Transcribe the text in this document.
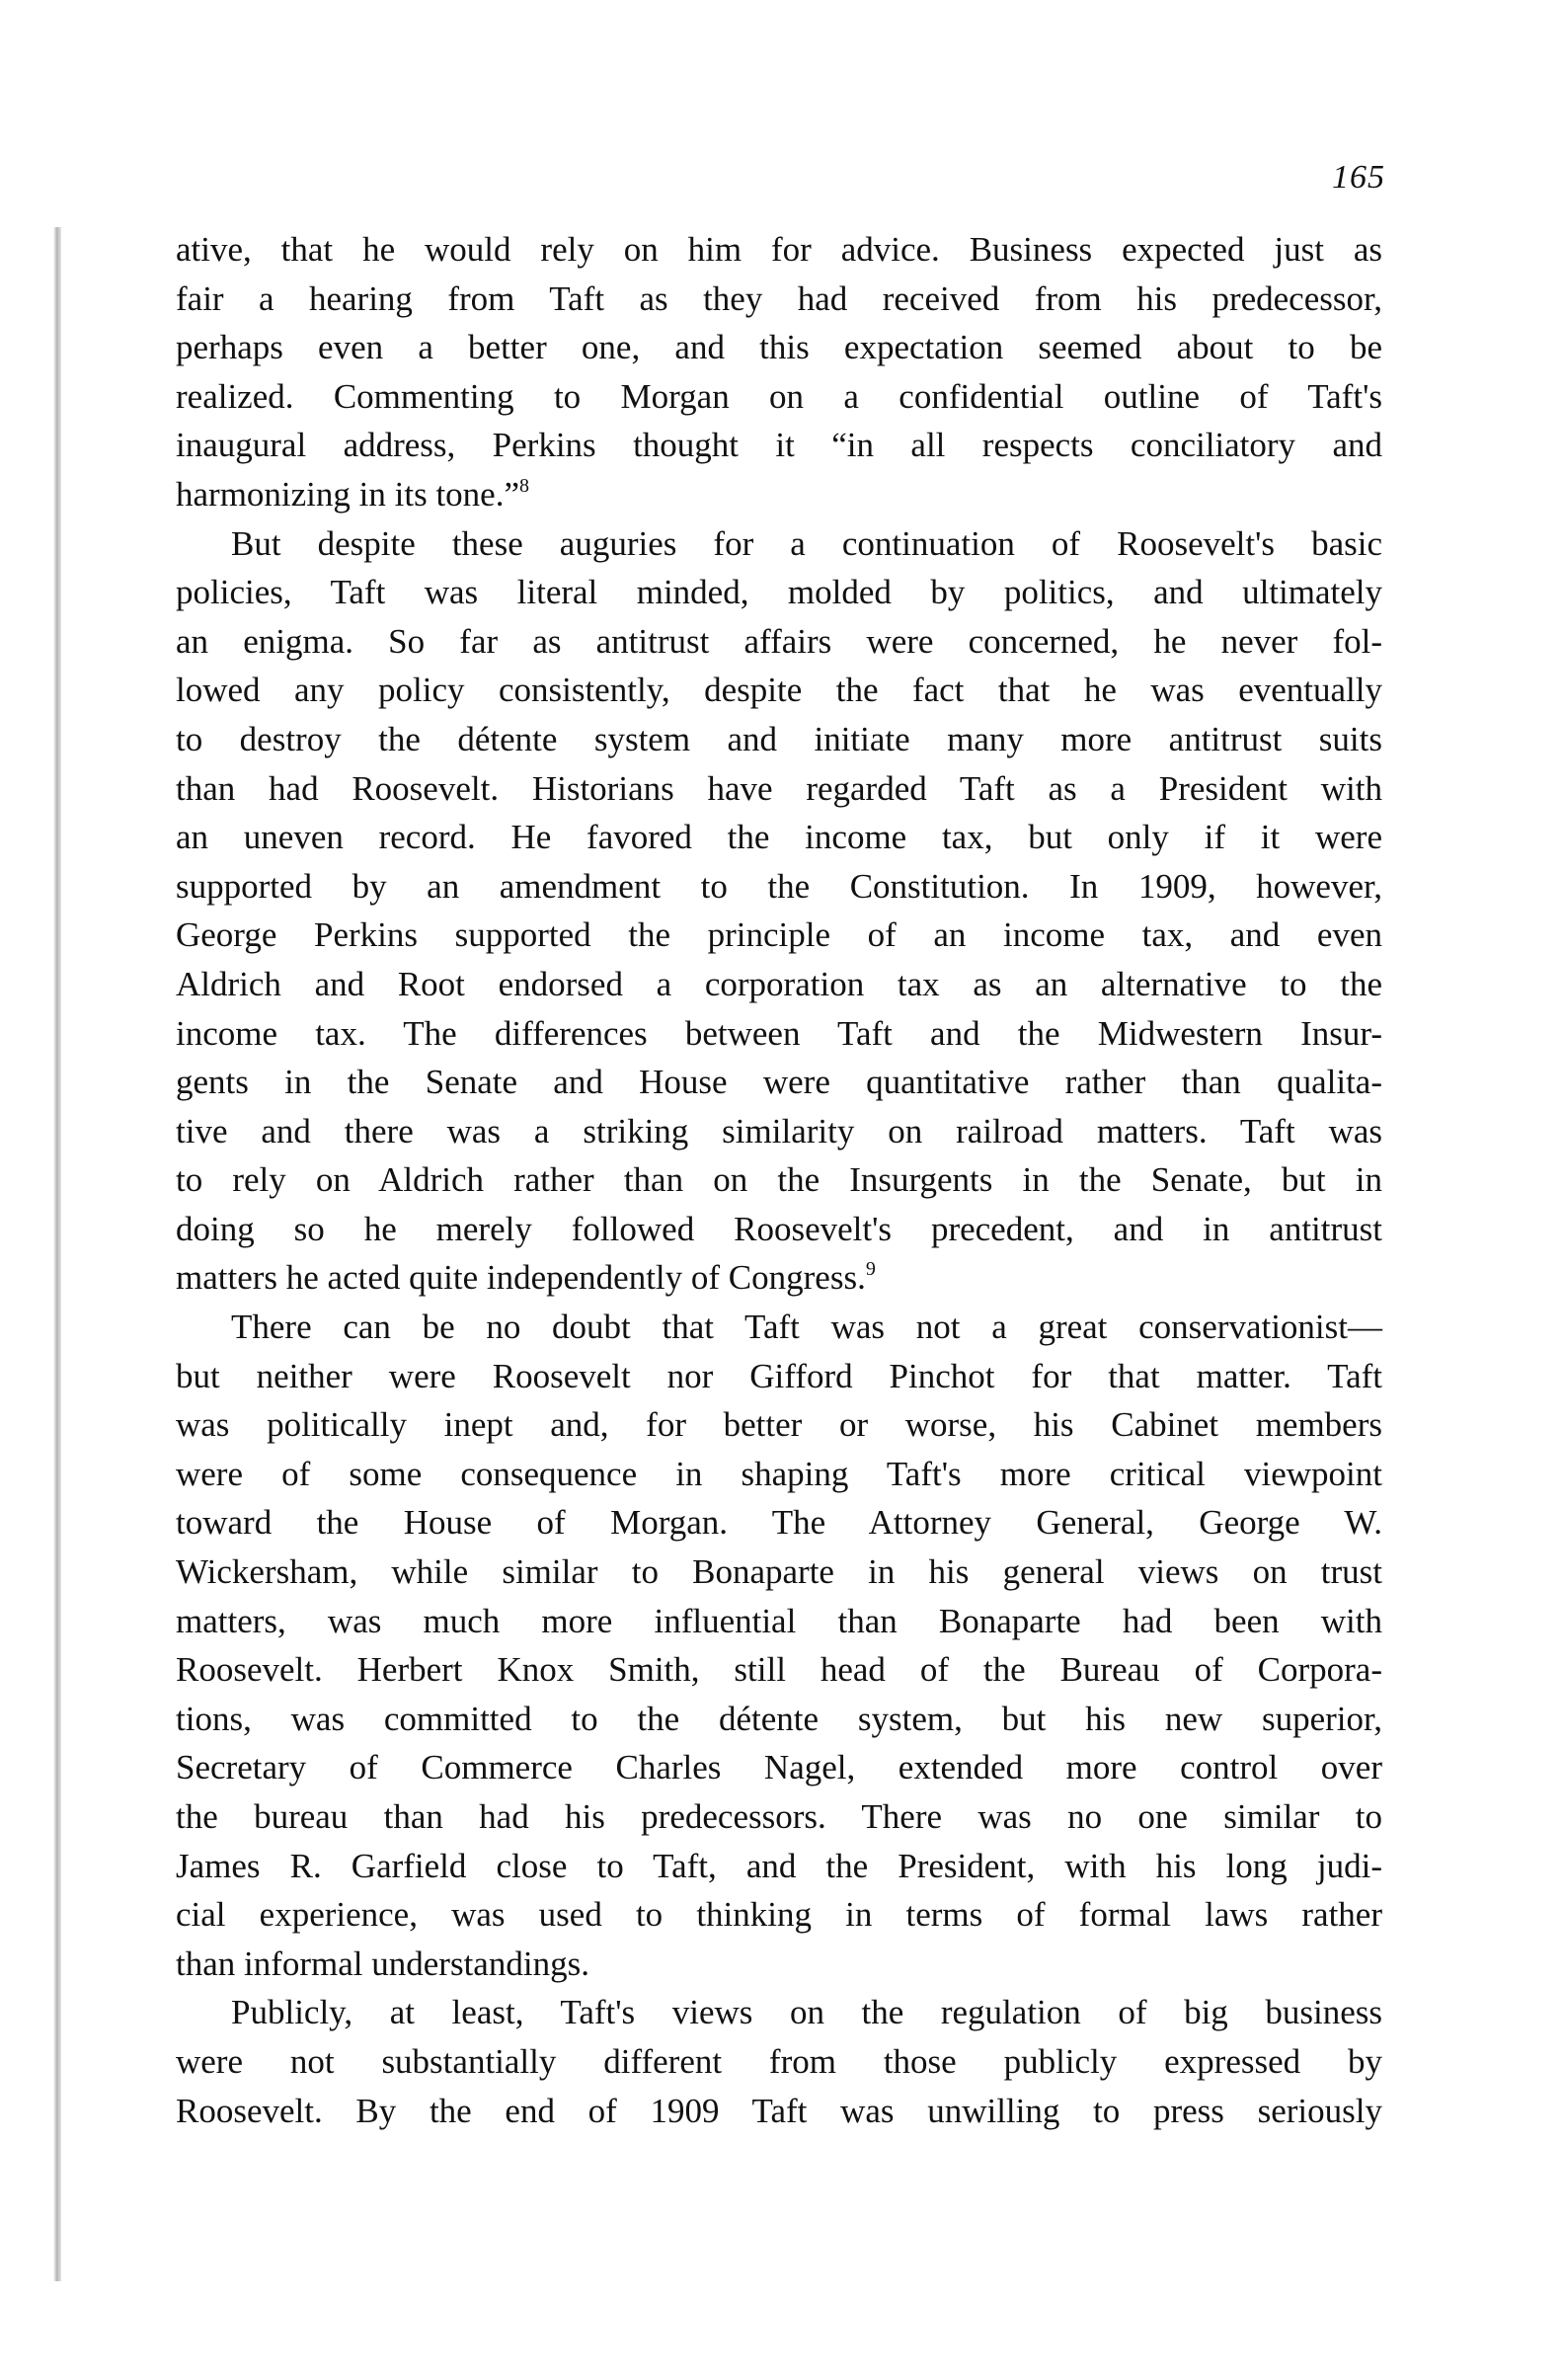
165
ative, that he would rely on him for advice. Business expected just as
fair a hearing from Taft as they had received from his predecessor,
perhaps even a better one, and this expectation seemed about to be
realized. Commenting to Morgan on a confidential outline of Taft's
inaugural address, Perkins thought it “in all respects conciliatory and
harmonizing in its tone.”$^8$
But despite these auguries for a continuation of Roosevelt's basic
policies, Taft was literal minded, molded by politics, and ultimately
an enigma. So far as antitrust affairs were concerned, he never fol-
lowed any policy consistently, despite the fact that he was eventually
to destroy the détente system and initiate many more antitrust suits
than had Roosevelt. Historians have regarded Taft as a President with
an uneven record. He favored the income tax, but only if it were
supported by an amendment to the Constitution. In 1909, however,
George Perkins supported the principle of an income tax, and even
Aldrich and Root endorsed a corporation tax as an alternative to the
income tax. The differences between Taft and the Midwestern Insur-
gents in the Senate and House were quantitative rather than qualita-
tive and there was a striking similarity on railroad matters. Taft was
to rely on Aldrich rather than on the Insurgents in the Senate, but in
doing so he merely followed Roosevelt's precedent, and in antitrust
matters he acted quite independently of Congress.$^9$
There can be no doubt that Taft was not a great conservationist—
but neither were Roosevelt nor Gifford Pinchot for that matter. Taft
was politically inept and, for better or worse, his Cabinet members
were of some consequence in shaping Taft's more critical viewpoint
toward the House of Morgan. The Attorney General, George W.
Wickersham, while similar to Bonaparte in his general views on trust
matters, was much more influential than Bonaparte had been with
Roosevelt. Herbert Knox Smith, still head of the Bureau of Corpora-
tions, was committed to the détente system, but his new superior,
Secretary of Commerce Charles Nagel, extended more control over
the bureau than had his predecessors. There was no one similar to
James R. Garfield close to Taft, and the President, with his long judi-
cial experience, was used to thinking in terms of formal laws rather
than informal understandings.
Publicly, at least, Taft's views on the regulation of big business
were not substantially different from those publicly expressed by
Roosevelt. By the end of 1909 Taft was unwilling to press seriously
